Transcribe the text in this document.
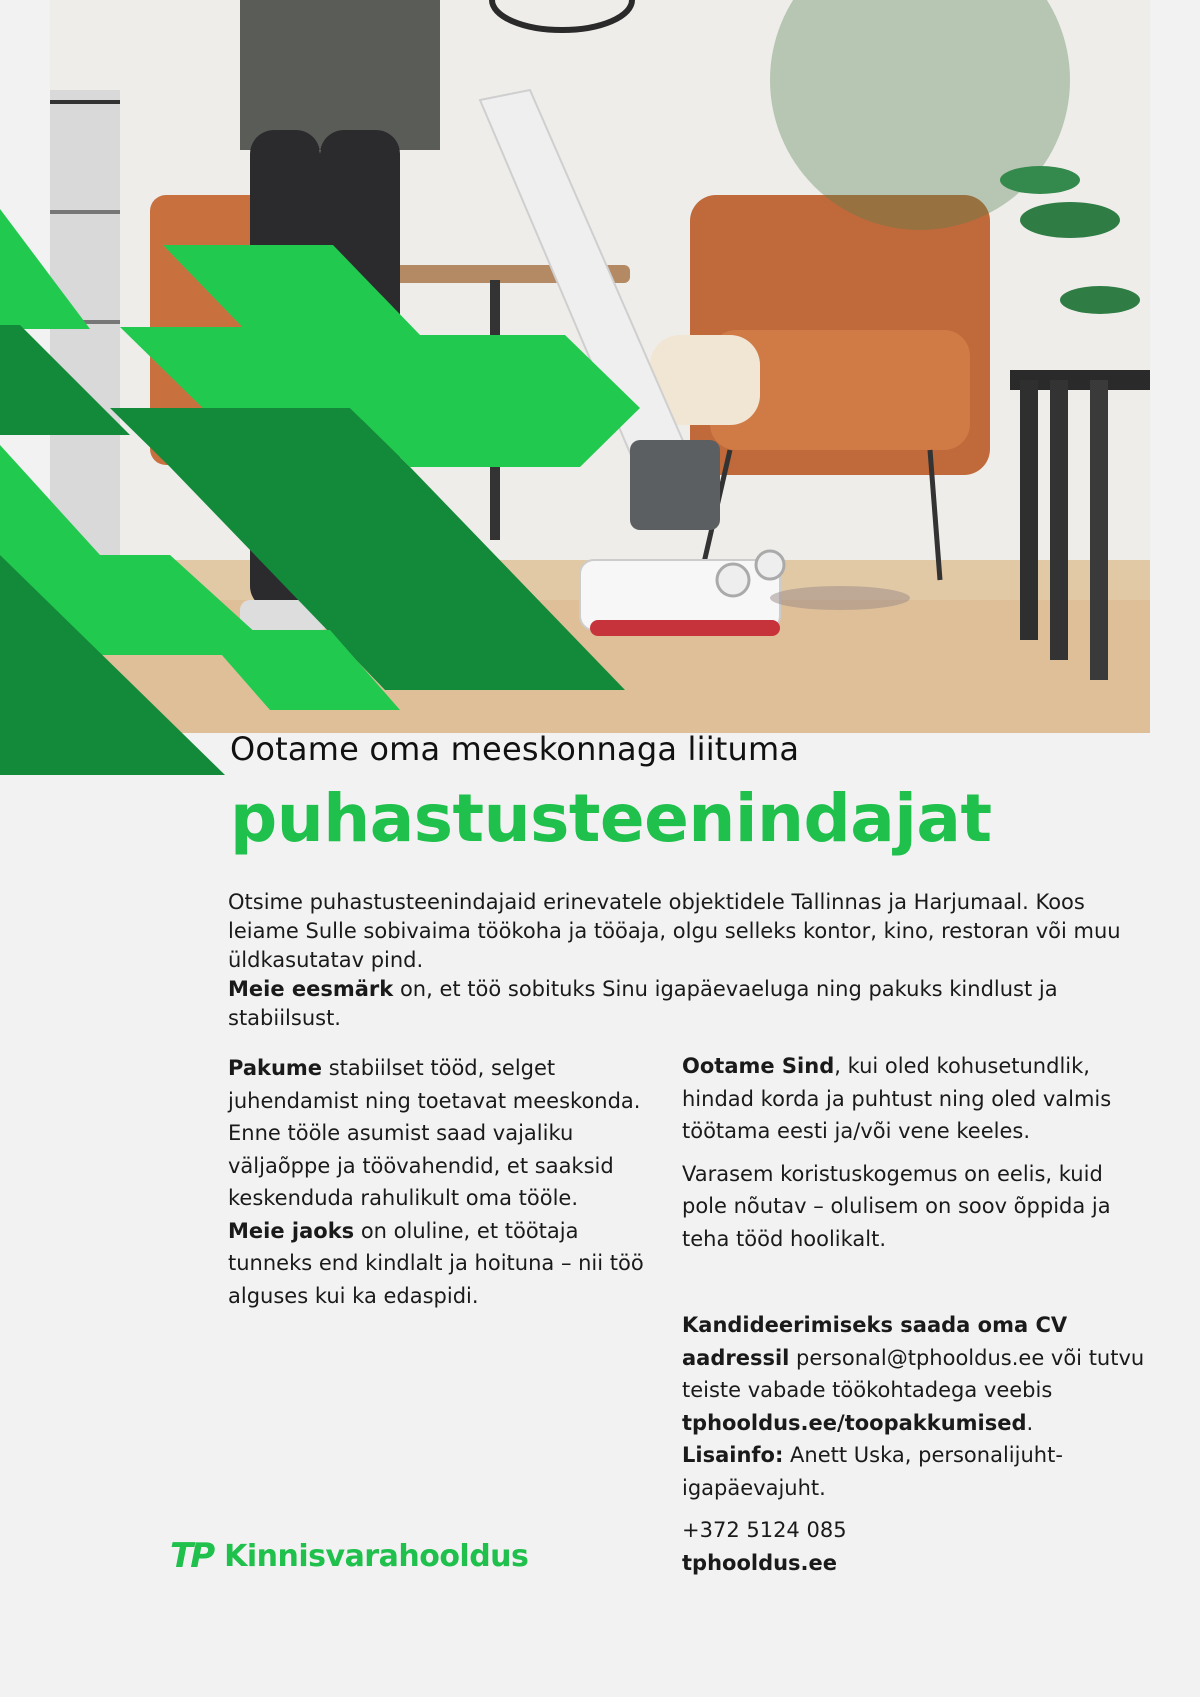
Ootame oma meeskonnaga liituma
puhastusteenindajat

Otsime puhastusteenindajaid erinevatele objektidele Tallinnas ja Harjumaal. Koos leiame Sulle sobivaima töökoha ja tööaja, olgu selleks kontor, kino, restoran või muu üldkasutatav pind.

Meie eesmärk on, et töö sobituks Sinu igapäevaeluga ning pakuks kindlust ja stabiilsust.

Pakume stabiilset tööd, selget juhendamist ning toetavat meeskonda. Enne tööle asumist saad vajaliku väljaõppe ja töövahendid, et saaksid keskenduda rahulikult oma tööle.

Meie jaoks on oluline, et töötaja tunneks end kindlalt ja hoituna – nii töö alguses kui ka edaspidi.

Ootame Sind, kui oled kohusetundlik, hindad korda ja puhtust ning oled valmis töötama eesti ja/või vene keeles.

Varasem koristuskogemus on eelis, kuid pole nõutav – olulisem on soov õppida ja teha tööd hoolikalt.

Kandideerimiseks saada oma CV aadressil personal@tphooldus.ee või tutvu teiste vabade töökohtadega veebis tphooldus.ee/toopakkumised.

Lisainfo: Anett Uska, personalijuht-igapäevajuht.

+372 5124 085

tphooldus.ee

TP Kinnisvarahooldus
